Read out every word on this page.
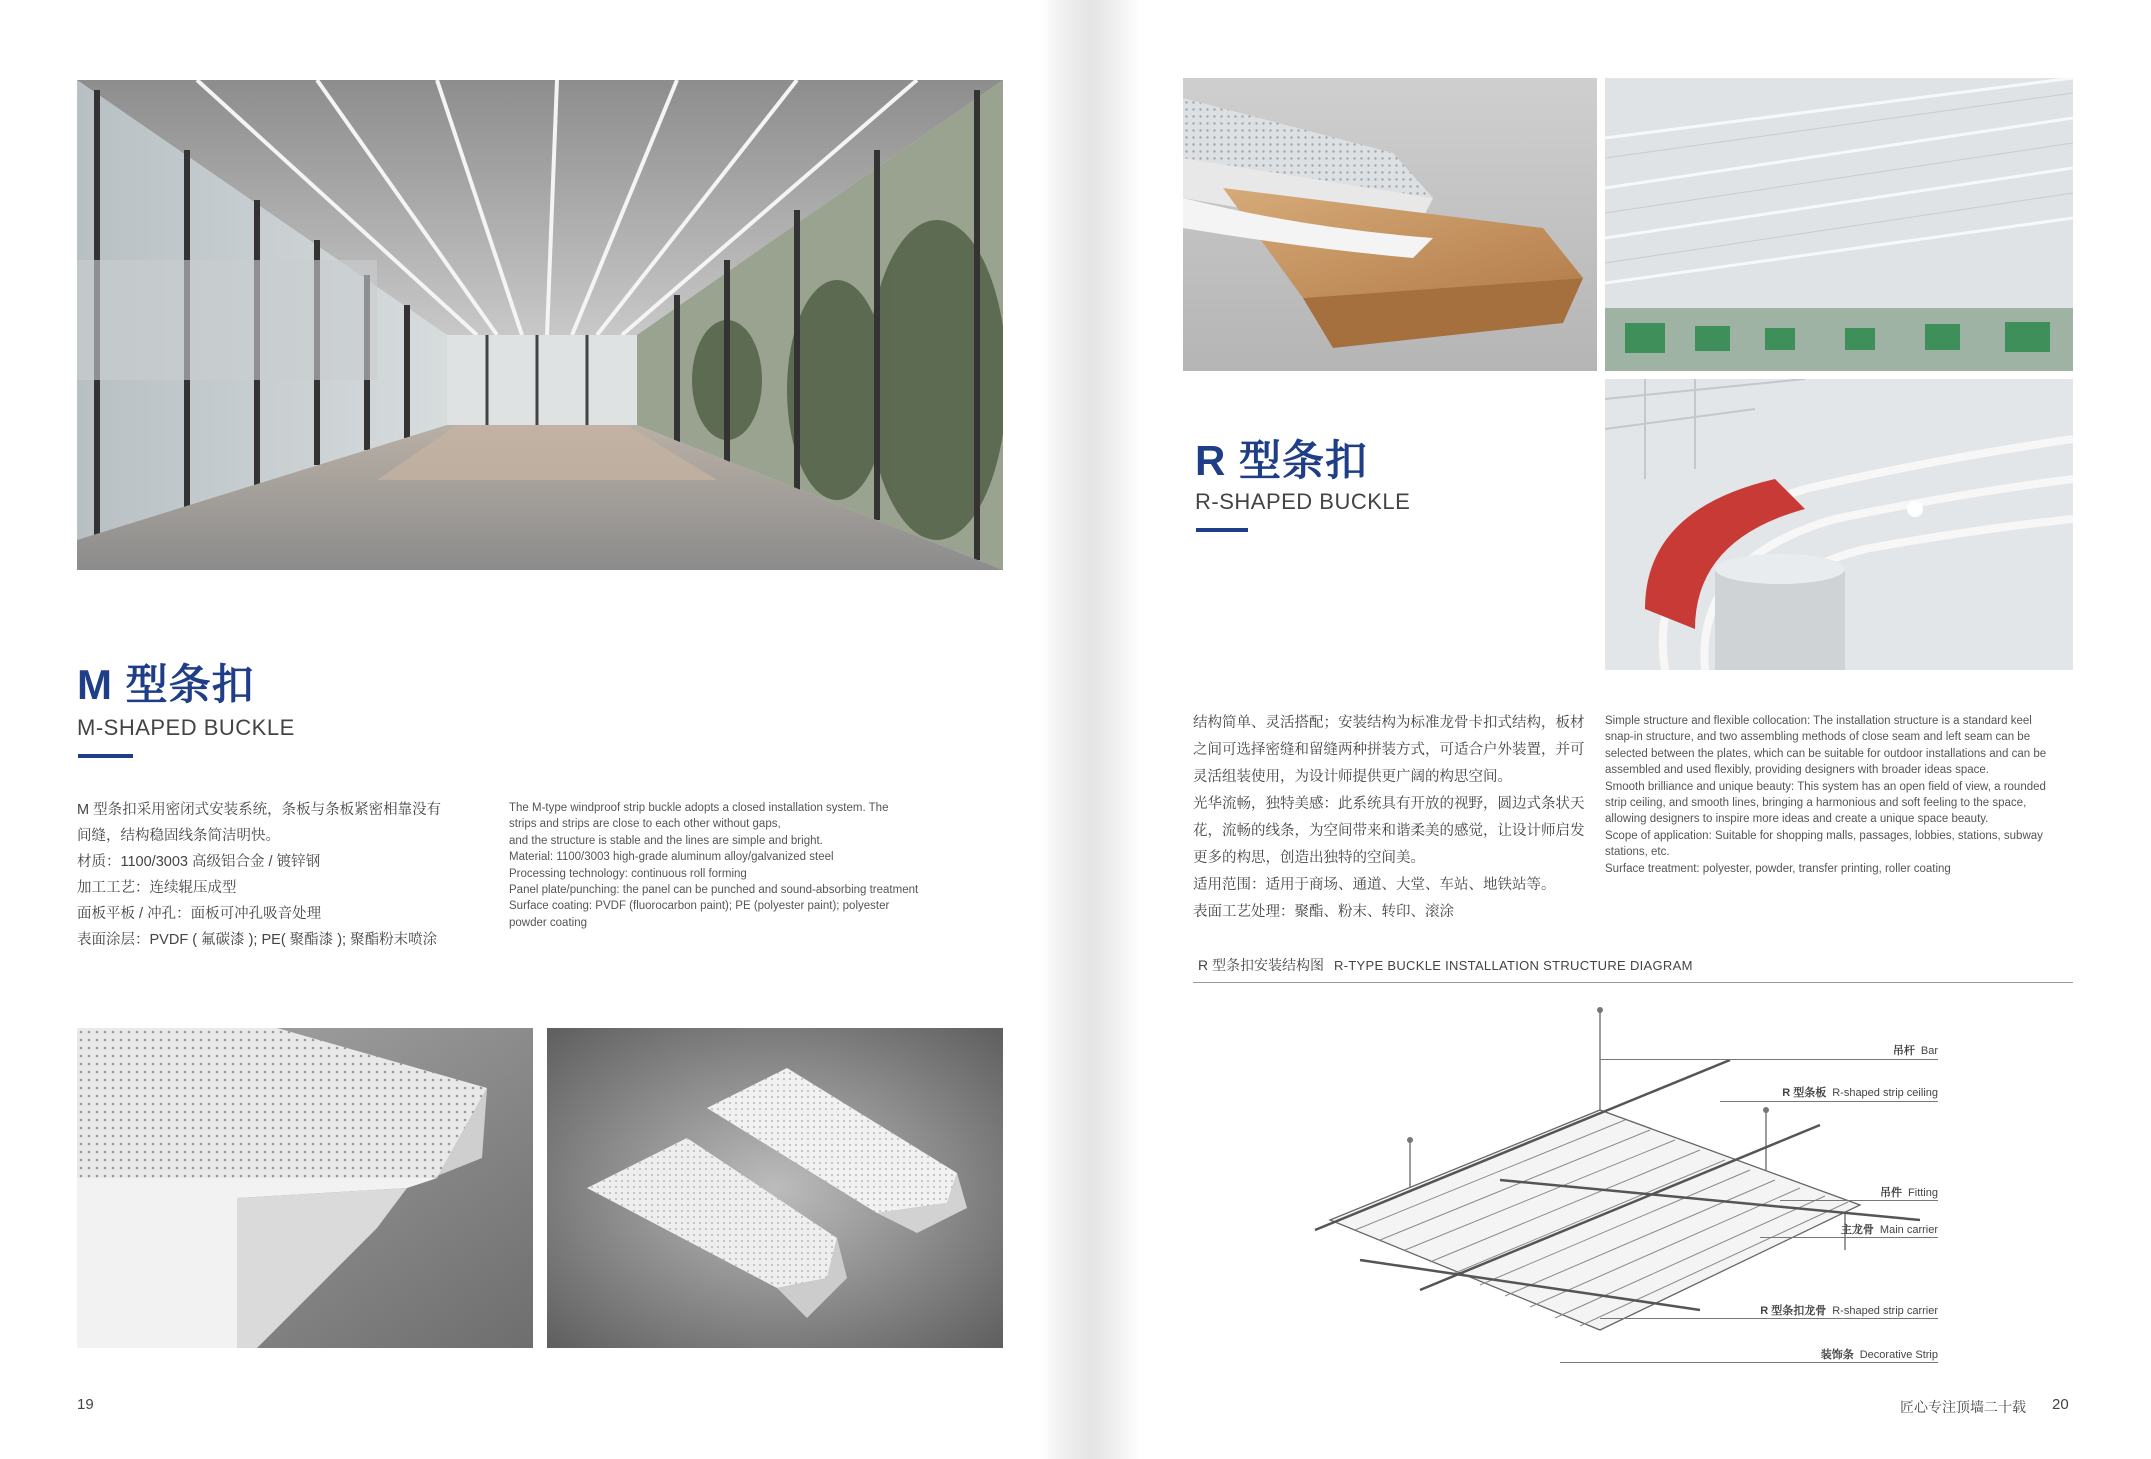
M 型条扣
M-SHAPED BUCKLE
M 型条扣采用密闭式安装系统，条板与条板紧密相靠没有
间缝，结构稳固线条简洁明快。
材质：1100/3003 高级铝合金 / 镀锌钢
加工工艺：连续辊压成型
面板平板 / 冲孔：面板可冲孔吸音处理
表面涂层：PVDF ( 氟碳漆 ); PE( 聚酯漆 ); 聚酯粉末喷涂
The M-type windproof strip buckle adopts a closed installation system. The
strips and strips are close to each other without gaps,
and the structure is stable and the lines are simple and bright.
Material: 1100/3003 high-grade aluminum alloy/galvanized steel
Processing technology: continuous roll forming
Panel plate/punching: the panel can be punched and sound-absorbing treatment
Surface coating: PVDF (fluorocarbon paint); PE (polyester paint); polyester
powder coating
19
R 型条扣
R-SHAPED BUCKLE
结构简单、灵活搭配；安装结构为标准龙骨卡扣式结构，板材
之间可选择密缝和留缝两种拼装方式，可适合户外装置，并可
灵活组装使用，为设计师提供更广阔的构思空间。
光华流畅，独特美感：此系统具有开放的视野，圆边式条状天
花，流畅的线条，为空间带来和谐柔美的感觉，让设计师启发
更多的构思，创造出独特的空间美。
适用范围：适用于商场、通道、大堂、车站、地铁站等。
表面工艺处理：聚酯、粉末、转印、滚涂
Simple structure and flexible collocation: The installation structure is a standard keel
snap-in structure, and two assembling methods of close seam and left seam can be
selected between the plates, which can be suitable for outdoor installations and can be
assembled and used flexibly, providing designers with broader ideas space.
Smooth brilliance and unique beauty: This system has an open field of view, a rounded
strip ceiling, and smooth lines, bringing a harmonious and soft feeling to the space,
allowing designers to inspire more ideas and create a unique space beauty.
Scope of application: Suitable for shopping malls, passages, lobbies, stations, subway
stations, etc.
Surface treatment: polyester, powder, transfer printing, roller coating
R 型条扣安装结构图 R-TYPE BUCKLE INSTALLATION STRUCTURE DIAGRAM
吊杆 Bar
R 型条板 R-shaped strip ceiling
吊件 Fitting
主龙骨 Main carrier
R 型条扣龙骨 R-shaped strip carrier
装饰条 Decorative Strip
匠心专注顶墙二十载 20
